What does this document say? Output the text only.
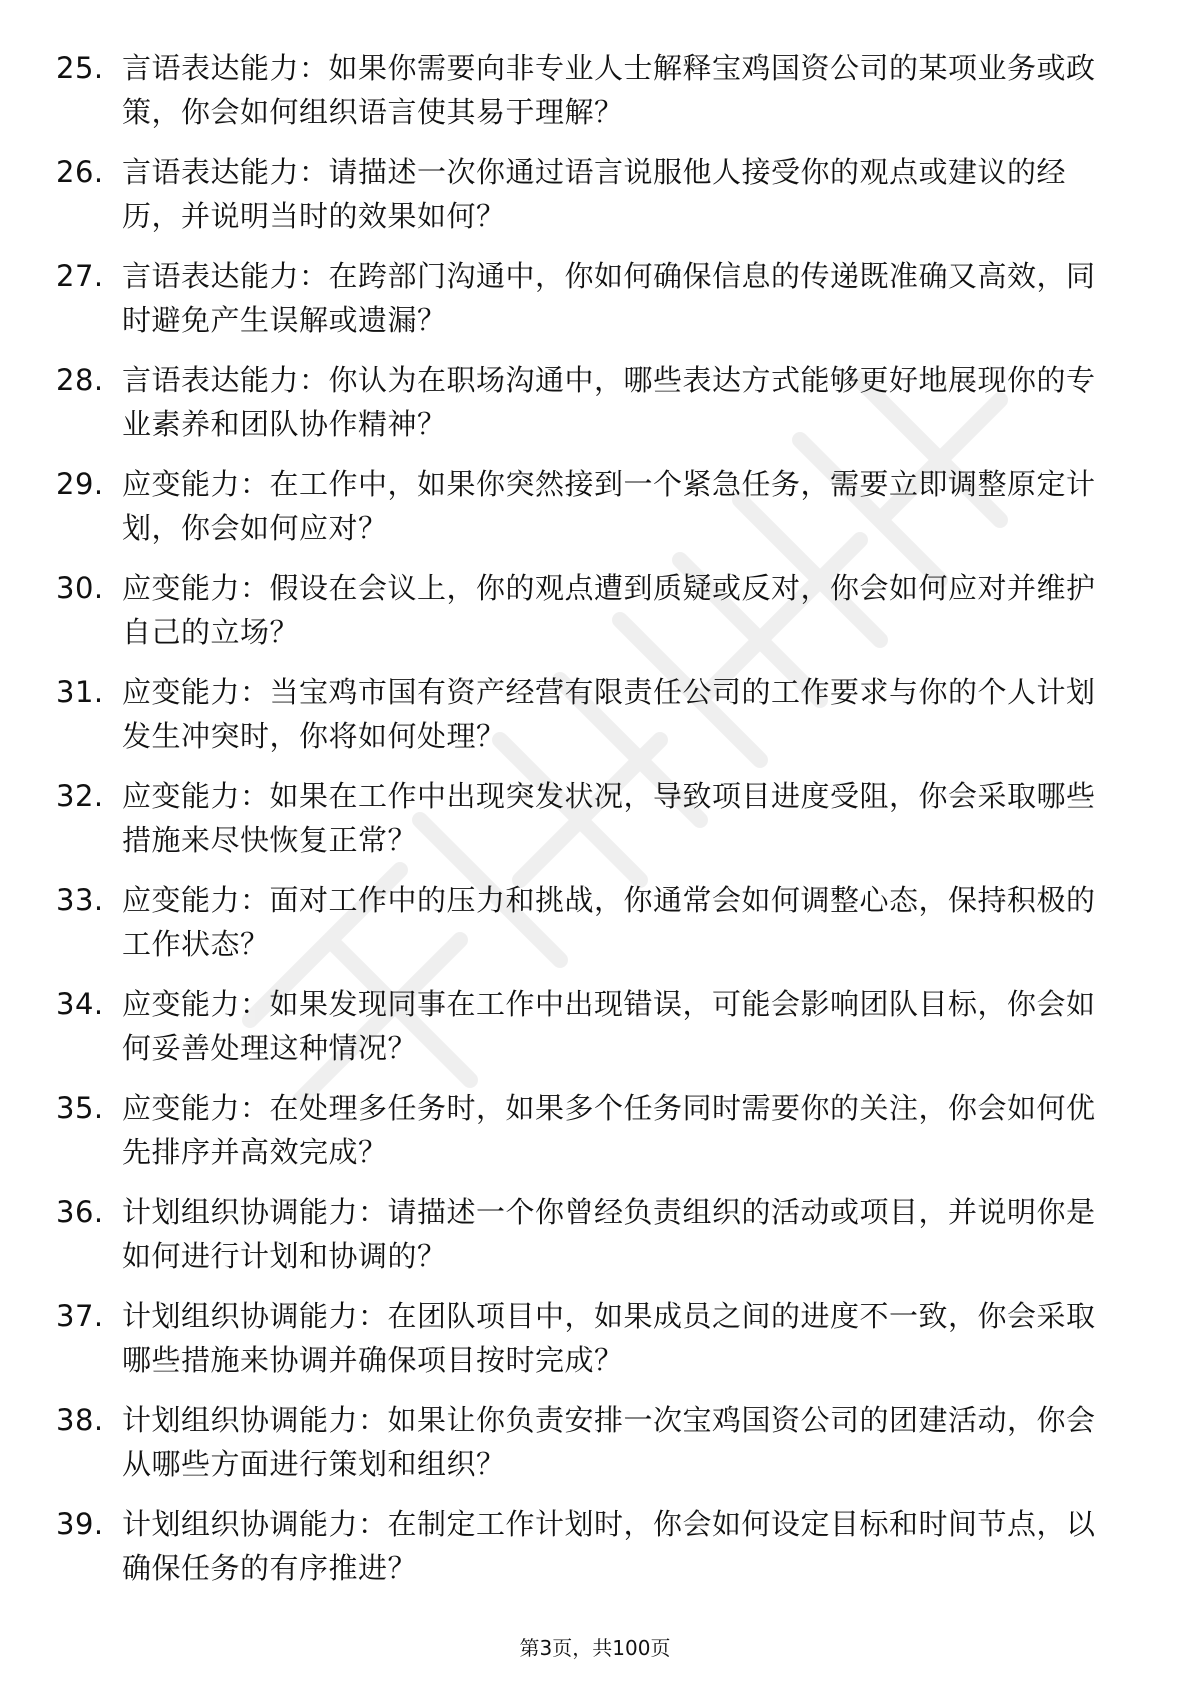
25. 言语表达能力：如果你需要向非专业人士解释宝鸡国资公司的某项业务或政策，你会如何组织语言使其易于理解？
26. 言语表达能力：请描述一次你通过语言说服他人接受你的观点或建议的经历，并说明当时的效果如何？
27. 言语表达能力：在跨部门沟通中，你如何确保信息的传递既准确又高效，同时避免产生误解或遗漏？
28. 言语表达能力：你认为在职场沟通中，哪些表达方式能够更好地展现你的专业素养和团队协作精神？
29. 应变能力：在工作中，如果你突然接到一个紧急任务，需要立即调整原定计划，你会如何应对？
30. 应变能力：假设在会议上，你的观点遭到质疑或反对，你会如何应对并维护自己的立场？
31. 应变能力：当宝鸡市国有资产经营有限责任公司的工作要求与你的个人计划发生冲突时，你将如何处理？
32. 应变能力：如果在工作中出现突发状况，导致项目进度受阻，你会采取哪些措施来尽快恢复正常？
33. 应变能力：面对工作中的压力和挑战，你通常会如何调整心态，保持积极的工作状态？
34. 应变能力：如果发现同事在工作中出现错误，可能会影响团队目标，你会如何妥善处理这种情况？
35. 应变能力：在处理多任务时，如果多个任务同时需要你的关注，你会如何优先排序并高效完成？
36. 计划组织协调能力：请描述一个你曾经负责组织的活动或项目，并说明你是如何进行计划和协调的？
37. 计划组织协调能力：在团队项目中，如果成员之间的进度不一致，你会采取哪些措施来协调并确保项目按时完成？
38. 计划组织协调能力：如果让你负责安排一次宝鸡国资公司的团建活动，你会从哪些方面进行策划和组织？
39. 计划组织协调能力：在制定工作计划时，你会如何设定目标和时间节点，以确保任务的有序推进？
第3页，共100页
